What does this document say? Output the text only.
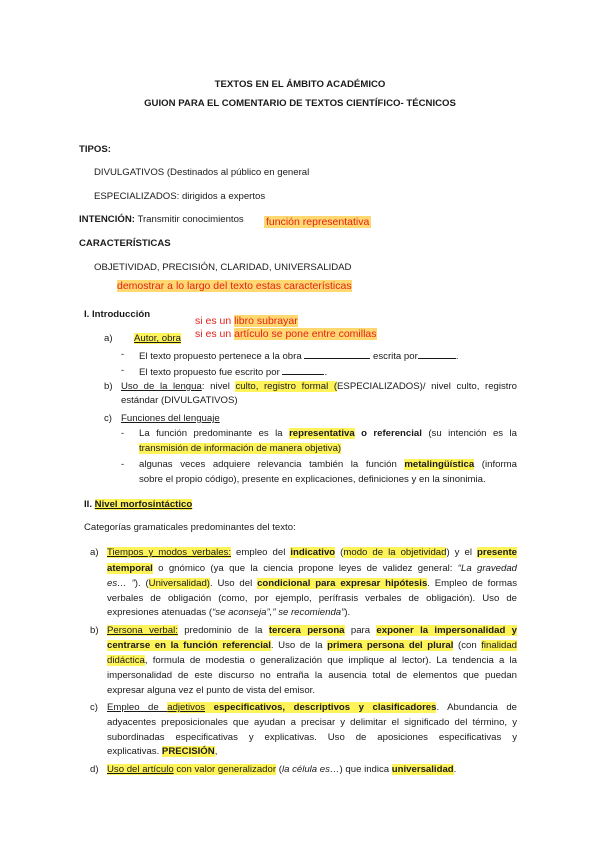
TEXTOS EN EL ÁMBITO ACADÉMICO
GUION PARA EL COMENTARIO DE TEXTOS CIENTÍFICO- TÉCNICOS
TIPOS:
DIVULGATIVOS (Destinados al público en general
ESPECIALIZADOS: dirigidos a expertos
INTENCIÓN: Transmitir conocimientos función representativa
CARACTERÍSTICAS
OBJETIVIDAD, PRECISIÓN, CLARIDAD, UNIVERSALIDAD
demostrar a lo largo del texto estas características
I. Introducción
si es un libro subrayar
si es un artículo se pone entre comillas
a) Autor, obra
- El texto propuesto pertenece a la obra	escrita por	.
- El texto propuesto fue escrito por	.
b) Uso de la lengua: nivel culto, registro formal (ESPECIALIZADOS)/ nivel culto, registro
estándar (DIVULGATIVOS)
c) Funciones del lenguaje
- La función predominante es la representativa o referencial (su intención es la
transmisión de información de manera objetiva)
- algunas veces adquiere relevancia también la función metalingüística (informa
sobre el propio código), presente en explicaciones, definiciones y en la sinonimia.
II. Nivel morfosintáctico
Categorías gramaticales predominantes del texto:
a) Tiempos y modos verbales: empleo del indicativo (modo de la objetividad) y el presente
atemporal o gnómico (ya que la ciencia propone leyes de validez general: “La gravedad
es… ”). (Universalidad). Uso del condicional para expresar hipótesis. Empleo de formas
verbales de obligación (como, por ejemplo, perífrasis verbales de obligación). Uso de
expresiones atenuadas (“se aconseja”,” se recomienda”).
b) Persona verbal: predominio de la tercera persona para exponer la impersonalidad y
centrarse en la función referencial. Uso de la primera persona del plural (con finalidad
didáctica, formula de modestia o generalización que implique al lector). La tendencia a la
impersonalidad de este discurso no entraña la ausencia total de elementos que puedan
expresar alguna vez el punto de vista del emisor.
c) Empleo de adjetivos especificativos, descriptivos y clasificadores. Abundancia de
adyacentes preposicionales que ayudan a precisar y delimitar el significado del término, y
subordinadas especificativas y explicativas. Uso de aposiciones especificativas y
explicativas. PRECISIÓN,
d) Uso del artículo con valor generalizador (la célula es…) que indica universalidad.
